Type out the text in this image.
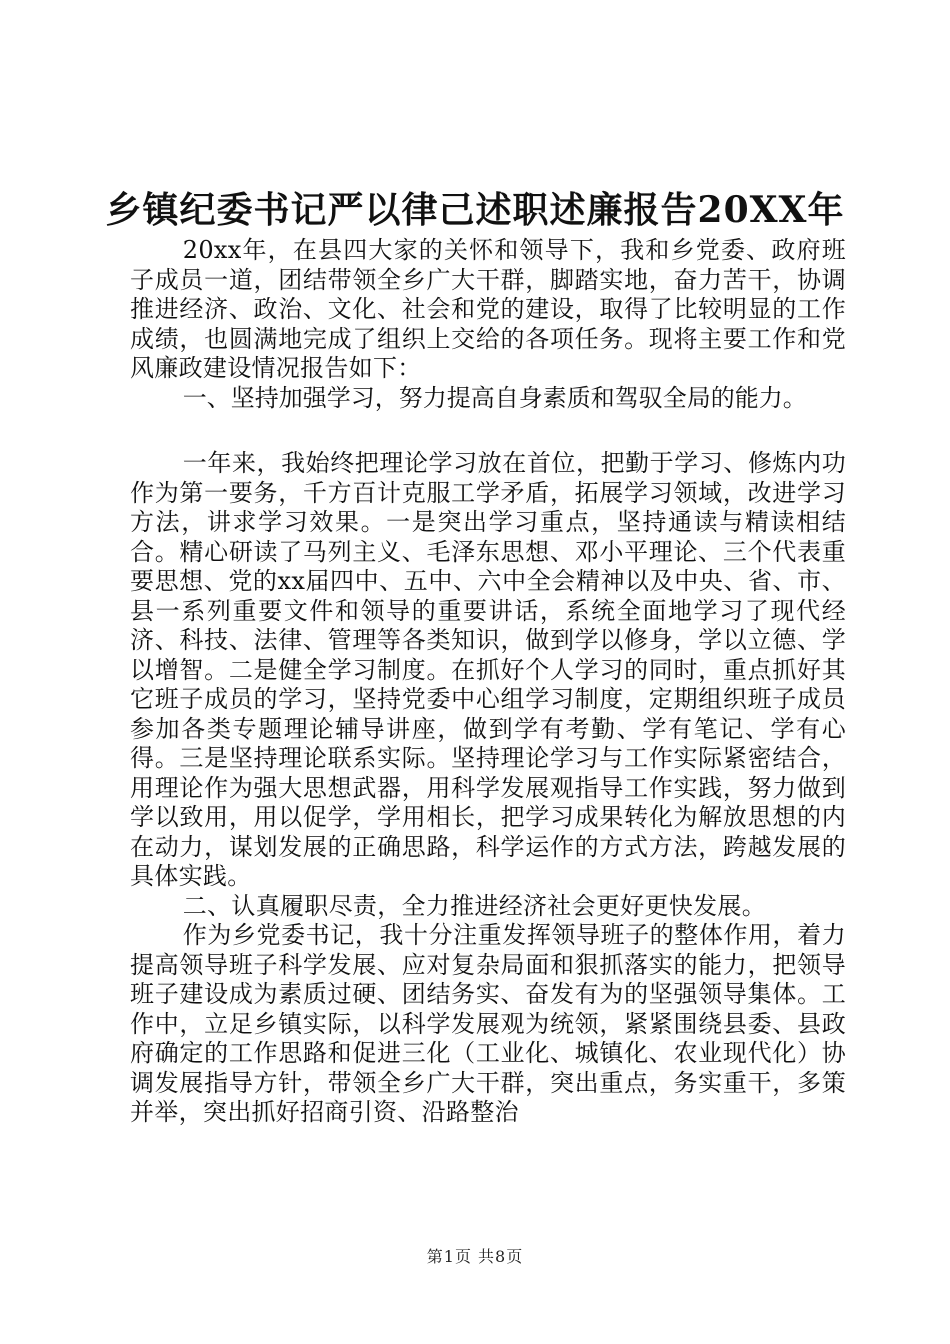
乡镇纪委书记严以律己述职述廉报告20XX年

20xx年，在县四大家的关怀和领导下，我和乡党委、政府班子成员一道，团结带领全乡广大干群，脚踏实地，奋力苦干，协调推进经济、政治、文化、社会和党的建设，取得了比较明显的工作成绩，也圆满地完成了组织上交给的各项任务。现将主要工作和党风廉政建设情况报告如下：

一、坚持加强学习，努力提高自身素质和驾驭全局的能力。

一年来，我始终把理论学习放在首位，把勤于学习、修炼内功作为第一要务，千方百计克服工学矛盾，拓展学习领域，改进学习方法，讲求学习效果。一是突出学习重点，坚持通读与精读相结合。精心研读了马列主义、毛泽东思想、邓小平理论、三个代表重要思想、党的xx届四中、五中、六中全会精神以及中央、省、市、县一系列重要文件和领导的重要讲话，系统全面地学习了现代经济、科技、法律、管理等各类知识，做到学以修身，学以立德、学以增智。二是健全学习制度。在抓好个人学习的同时，重点抓好其它班子成员的学习，坚持党委中心组学习制度，定期组织班子成员参加各类专题理论辅导讲座，做到学有考勤、学有笔记、学有心得。三是坚持理论联系实际。坚持理论学习与工作实际紧密结合，用理论作为强大思想武器，用科学发展观指导工作实践，努力做到学以致用，用以促学，学用相长，把学习成果转化为解放思想的内在动力，谋划发展的正确思路，科学运作的方式方法，跨越发展的具体实践。

二、认真履职尽责，全力推进经济社会更好更快发展。

作为乡党委书记，我十分注重发挥领导班子的整体作用，着力提高领导班子科学发展、应对复杂局面和狠抓落实的能力，把领导班子建设成为素质过硬、团结务实、奋发有为的坚强领导集体。工作中，立足乡镇实际，以科学发展观为统领，紧紧围绕县委、县政府确定的工作思路和促进三化（工业化、城镇化、农业现代化）协调发展指导方针，带领全乡广大干群，突出重点，务实重干，多策并举，突出抓好招商引资、沿路整治

第1页 共8页
